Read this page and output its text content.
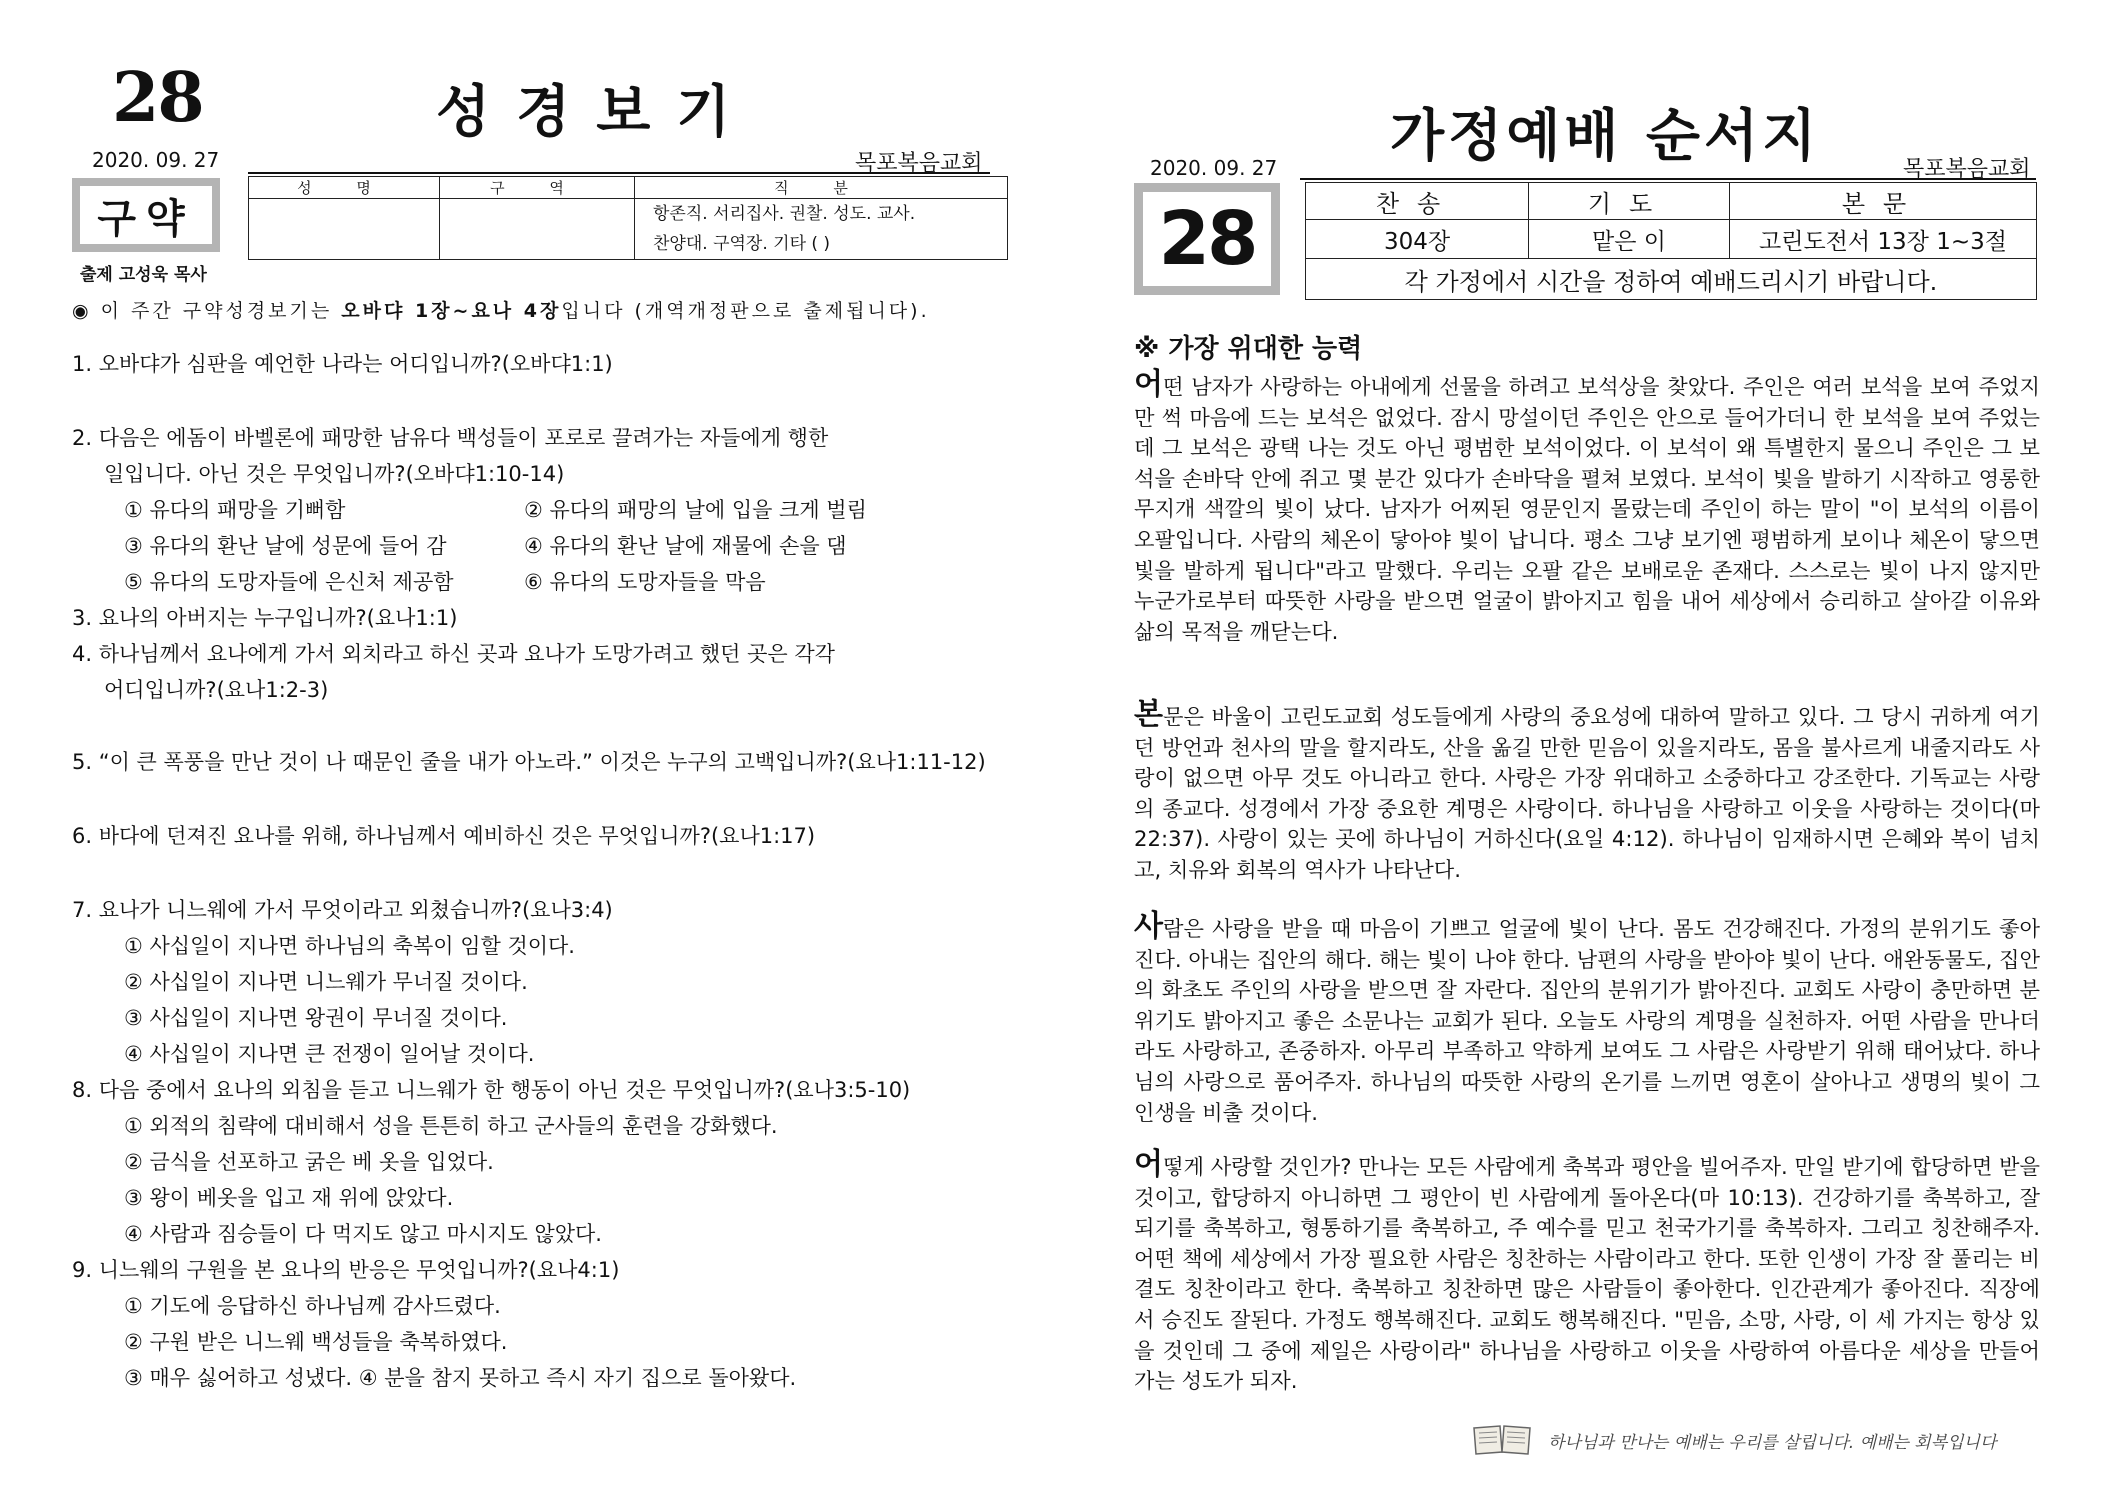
28	성경보기
2020. 09. 27	목포복음교회
구약
출제 고성욱 목사
성 명	구 역	직 분

		항존직. 서리집사. 권찰. 성도. 교사.
찬양대. 구역장. 기타 ( )
◉ 이 주간 구약성경보기는 오바댜 1장~요나 4장입니다 (개역개정판으로 출제됩니다).
1. 오바댜가 심판을 예언한 나라는 어디입니까?(오바댜1:1)
2. 다음은 에돔이 바벨론에 패망한 남유다 백성들이 포로로 끌려가는 자들에게 행한
일입니다. 아닌 것은 무엇입니까?(오바댜1:10-14)
① 유다의 패망을 기뻐함	② 유다의 패망의 날에 입을 크게 벌림
③ 유다의 환난 날에 성문에 들어 감	④ 유다의 환난 날에 재물에 손을 댐
⑤ 유다의 도망자들에 은신처 제공함	⑥ 유다의 도망자들을 막음
3. 요나의 아버지는 누구입니까?(요나1:1)
4. 하나님께서 요나에게 가서 외치라고 하신 곳과 요나가 도망가려고 했던 곳은 각각
어디입니까?(요나1:2-3)
5. “이 큰 폭풍을 만난 것이 나 때문인 줄을 내가 아노라.” 이것은 누구의 고백입니까?(요나1:11-12)
6. 바다에 던져진 요나를 위해, 하나님께서 예비하신 것은 무엇입니까?(요나1:17)
7. 요나가 니느웨에 가서 무엇이라고 외쳤습니까?(요나3:4)
① 사십일이 지나면 하나님의 축복이 임할 것이다.
② 사십일이 지나면 니느웨가 무너질 것이다.
③ 사십일이 지나면 왕권이 무너질 것이다.
④ 사십일이 지나면 큰 전쟁이 일어날 것이다.
8. 다음 중에서 요나의 외침을 듣고 니느웨가 한 행동이 아닌 것은 무엇입니까?(요나3:5-10)
① 외적의 침략에 대비해서 성을 튼튼히 하고 군사들의 훈련을 강화했다.
② 금식을 선포하고 굵은 베 옷을 입었다.
③ 왕이 베옷을 입고 재 위에 앉았다.
④ 사람과 짐승들이 다 먹지도 않고 마시지도 않았다.
9. 니느웨의 구원을 본 요나의 반응은 무엇입니까?(요나4:1)
① 기도에 응답하신 하나님께 감사드렸다.
② 구원 받은 니느웨 백성들을 축복하였다.
③ 매우 싫어하고 성냈다. ④ 분을 참지 못하고 즉시 자기 집으로 돌아왔다.
가정예배 순서지
2020. 09. 27	목포복음교회
28	찬송	기도	본문
304장	맡은 이	고린도전서 13장 1~3절
각 가정에서 시간을 정하여 예배드리시기 바랍니다.		
※ 가장 위대한 능력
어떤 남자가 사랑하는 아내에게 선물을 하려고 보석상을 찾았다. 주인은 여러 보석을 보여 주었지만 썩 마음에 드는 보석은 없었다. 잠시 망설이던 주인은 안으로 들어가더니 한 보석을 보여 주었는데 그 보석은 광택 나는 것도 아닌 평범한 보석이었다. 이 보석이 왜 특별한지 물으니 주인은 그 보석을 손바닥 안에 쥐고 몇 분간 있다가 손바닥을 펼쳐 보였다. 보석이 빛을 발하기 시작하고 영롱한 무지개 색깔의 빛이 났다. 남자가 어찌된 영문인지 몰랐는데 주인이 하는 말이 "이 보석의 이름이 오팔입니다. 사람의 체온이 닿아야 빛이 납니다. 평소 그냥 보기엔 평범하게 보이나 체온이 닿으면 빛을 발하게 됩니다"라고 말했다. 우리는 오팔 같은 보배로운 존재다. 스스로는 빛이 나지 않지만 누군가로부터 따뜻한 사랑을 받으면 얼굴이 밝아지고 힘을 내어 세상에서 승리하고 살아갈 이유와 삶의 목적을 깨닫는다.
본문은 바울이 고린도교회 성도들에게 사랑의 중요성에 대하여 말하고 있다. 그 당시 귀하게 여기던 방언과 천사의 말을 할지라도, 산을 옮길 만한 믿음이 있을지라도, 몸을 불사르게 내줄지라도 사랑이 없으면 아무 것도 아니라고 한다. 사랑은 가장 위대하고 소중하다고 강조한다. 기독교는 사랑의 종교다. 성경에서 가장 중요한 계명은 사랑이다. 하나님을 사랑하고 이웃을 사랑하는 것이다(마 22:37). 사랑이 있는 곳에 하나님이 거하신다(요일 4:12). 하나님이 임재하시면 은혜와 복이 넘치고, 치유와 회복의 역사가 나타난다.
사람은 사랑을 받을 때 마음이 기쁘고 얼굴에 빛이 난다. 몸도 건강해진다. 가정의 분위기도 좋아진다. 아내는 집안의 해다. 해는 빛이 나야 한다. 남편의 사랑을 받아야 빛이 난다. 애완동물도, 집안의 화초도 주인의 사랑을 받으면 잘 자란다. 집안의 분위기가 밝아진다. 교회도 사랑이 충만하면 분위기도 밝아지고 좋은 소문나는 교회가 된다. 오늘도 사랑의 계명을 실천하자. 어떤 사람을 만나더라도 사랑하고, 존중하자. 아무리 부족하고 약하게 보여도 그 사람은 사랑받기 위해 태어났다. 하나님의 사랑으로 품어주자. 하나님의 따뜻한 사랑의 온기를 느끼면 영혼이 살아나고 생명의 빛이 그 인생을 비출 것이다.
어떻게 사랑할 것인가? 만나는 모든 사람에게 축복과 평안을 빌어주자. 만일 받기에 합당하면 받을 것이고, 합당하지 아니하면 그 평안이 빈 사람에게 돌아온다(마 10:13). 건강하기를 축복하고, 잘되기를 축복하고, 형통하기를 축복하고, 주 예수를 믿고 천국가기를 축복하자. 그리고 칭찬해주자. 어떤 책에 세상에서 가장 필요한 사람은 칭찬하는 사람이라고 한다. 또한 인생이 가장 잘 풀리는 비결도 칭찬이라고 한다. 축복하고 칭찬하면 많은 사람들이 좋아한다. 인간관계가 좋아진다. 직장에서 승진도 잘된다. 가정도 행복해진다. 교회도 행복해진다. "믿음, 소망, 사랑, 이 세 가지는 항상 있을 것인데 그 중에 제일은 사랑이라" 하나님을 사랑하고 이웃을 사랑하여 아름다운 세상을 만들어 가는 성도가 되자.
하나님과 만나는 예배는 우리를 살립니다. 예배는 회복입니다
